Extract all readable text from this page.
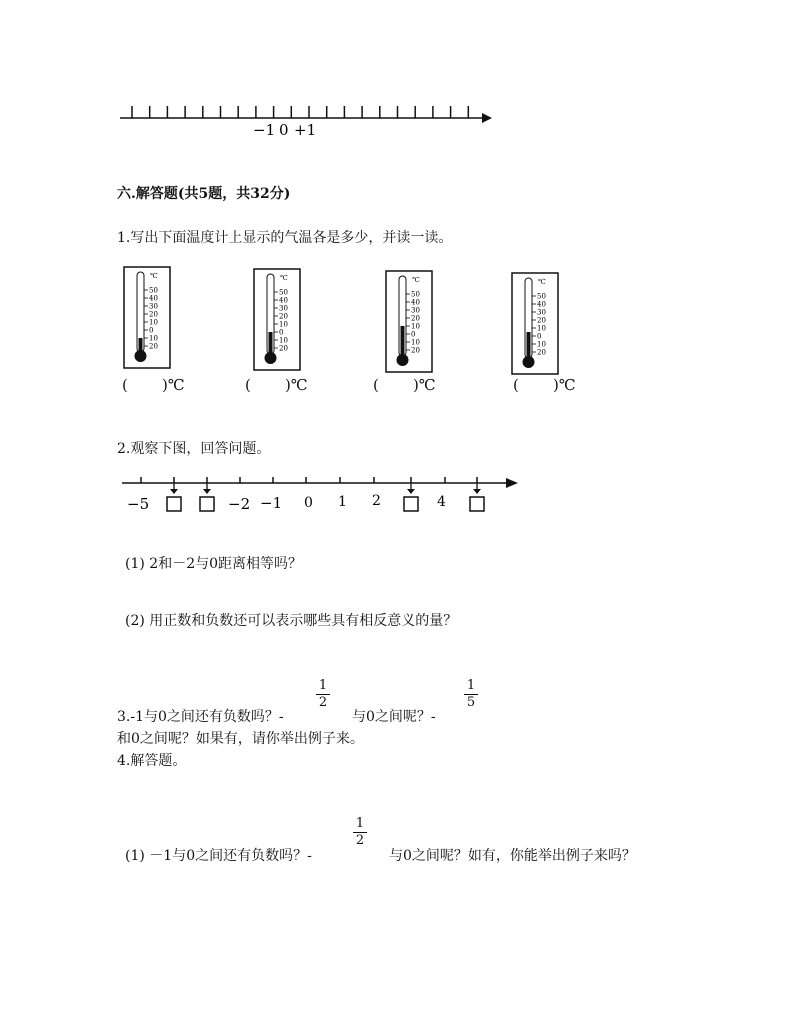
−1 0 +1
六.解答题(共5题，共32分)
1.写出下面温度计上显示的气温各是多少，并读一读。
℃
50
40
30
20
10
0
10
20
( )℃
℃
50
40
30
20
10
0
10
20
( )℃
℃
50
40
30
20
10
0
10
20
( )℃
℃
50
40
30
20
10
0
10
20
( )℃
2.观察下图，回答问题。
−5	−2 −1 0 1 2	4
(1) 2和－2与0距离相等吗？
(2) 用正数和负数还可以表示哪些具有相反意义的量？
$\frac{1}{2}$	$\frac{1}{5}$
3.-1与0之间还有负数吗？-	与0之间呢？-
和0之间呢？如果有，请你举出例子来。
4.解答题。
$\frac{1}{2}$
(1) －1与0之间还有负数吗？-	与0之间呢？如有，你能举出例子来吗？
